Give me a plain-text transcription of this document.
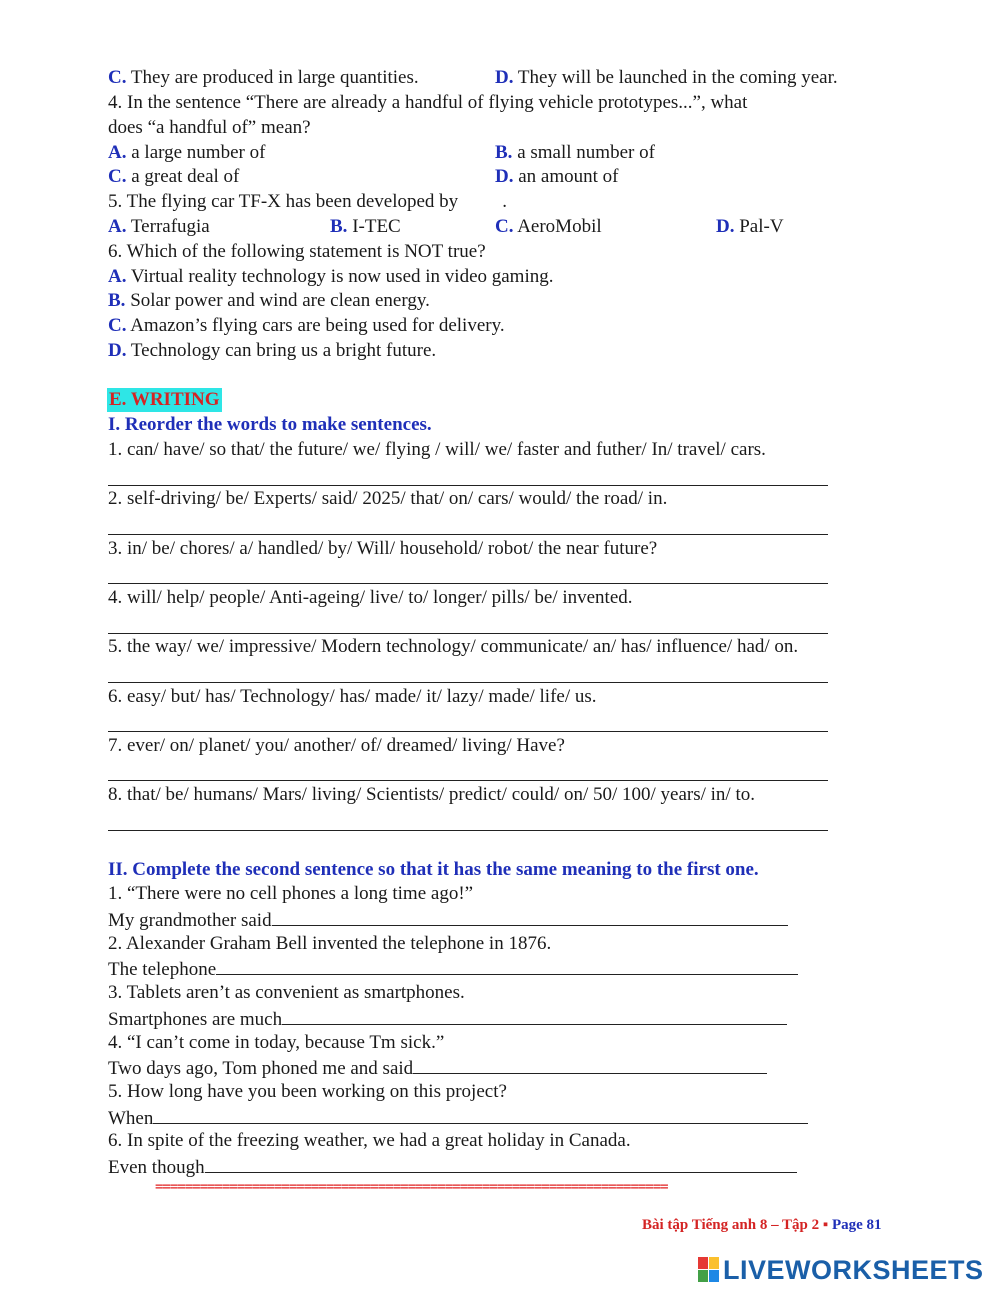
C. They are produced in large quantities.	D. They will be launched in the coming year.
4. In the sentence “There are already a handful of flying vehicle prototypes...”, what
does “a handful of” mean?
A. a large number of	B. a small number of
C. a great deal of	D. an amount of
5. The flying car TF-X has been developed by .
A. Terrafugia	B. I-TEC	C. AeroMobil	D. Pal-V
6. Which of the following statement is NOT true?
A. Virtual reality technology is now used in video gaming.
B. Solar power and wind are clean energy.
C. Amazon’s flying cars are being used for delivery.
D. Technology can bring us a bright future.
E. WRITING
I. Reorder the words to make sentences.
1. can/ have/ so that/ the future/ we/ flying / will/ we/ faster and futher/ In/ travel/ cars.
2. self-driving/ be/ Experts/ said/ 2025/ that/ on/ cars/ would/ the road/ in.
3. in/ be/ chores/ a/ handled/ by/ Will/ household/ robot/ the near future?
4. will/ help/ people/ Anti-ageing/ live/ to/ longer/ pills/ be/ invented.
5. the way/ we/ impressive/ Modern technology/ communicate/ an/ has/ influence/ had/ on.
6. easy/ but/ has/ Technology/ has/ made/ it/ lazy/ made/ life/ us.
7. ever/ on/ planet/ you/ another/ of/ dreamed/ living/ Have?
8. that/ be/ humans/ Mars/ living/ Scientists/ predict/ could/ on/ 50/ 100/ years/ in/ to.
II. Complete the second sentence so that it has the same meaning to the first one.
1. “There were no cell phones a long time ago!”
My grandmother said
2. Alexander Graham Bell invented the telephone in 1876.
The telephone
3. Tablets aren’t as convenient as smartphones.
Smartphones are much
4. “I can’t come in today, because Tm sick.”
Two days ago, Tom phoned me and said
5. How long have you been working on this project?
When
6. In spite of the freezing weather, we had a great holiday in Canada.
Even though
=====================================================================
Bài tập Tiếng anh 8 – Tập 2 ▪ Page 81
LIVEWORKSHEETS
